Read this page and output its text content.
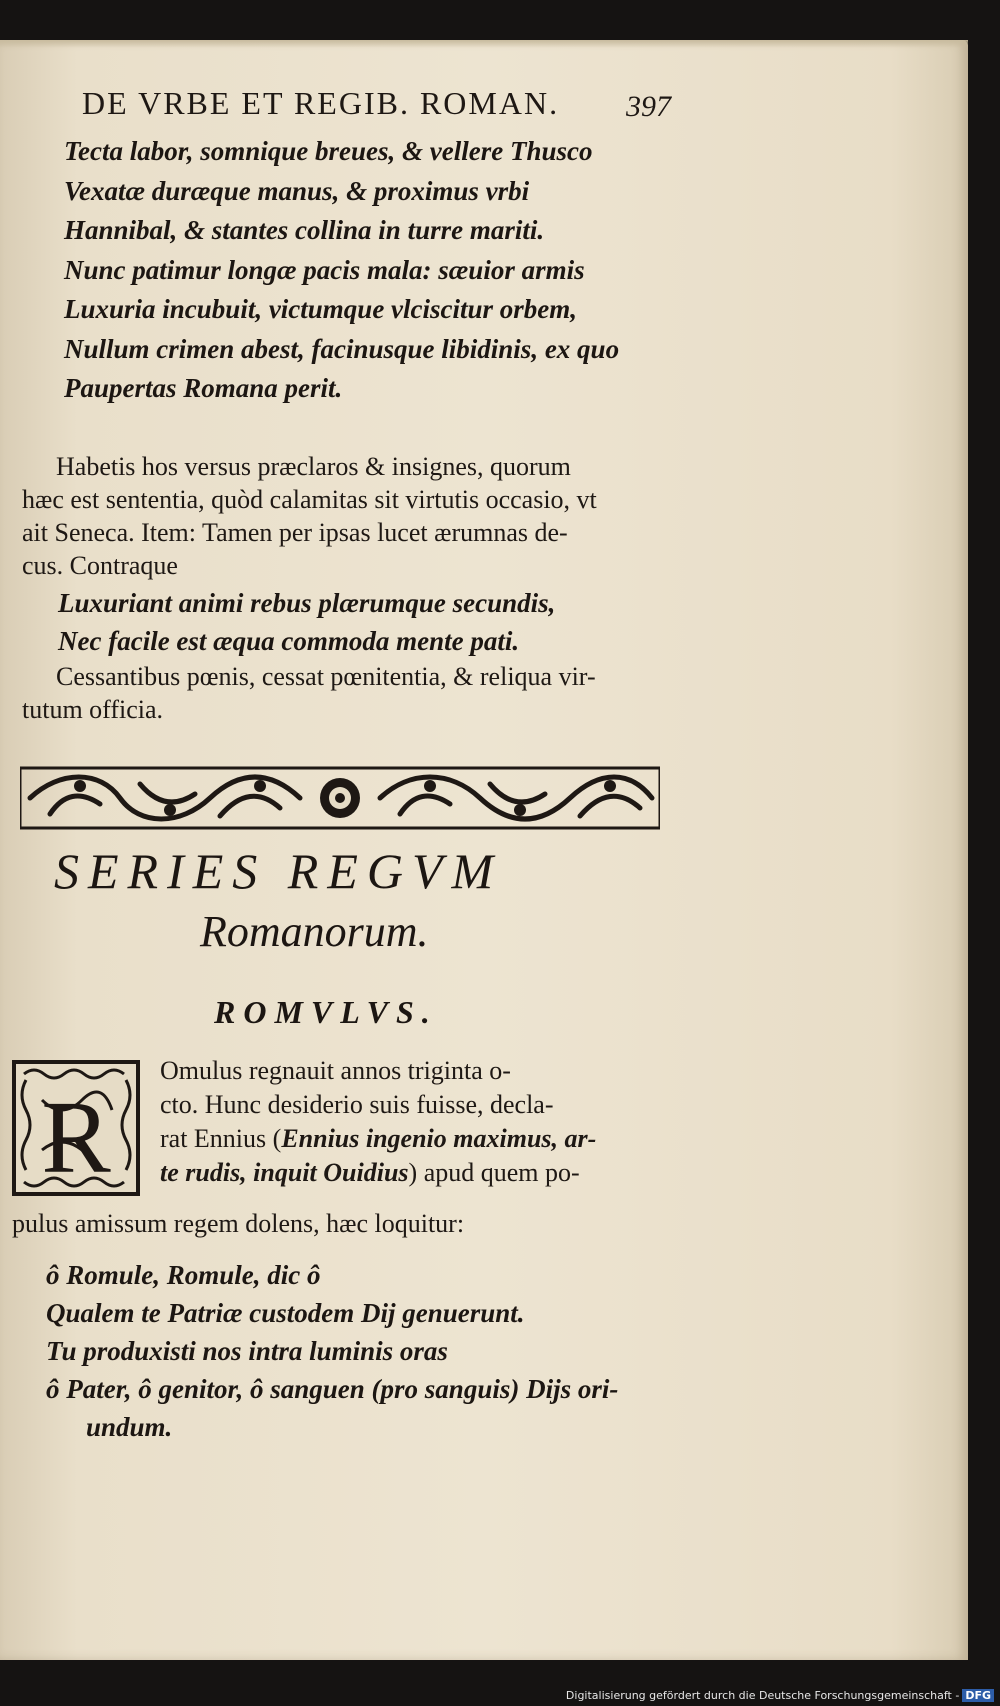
DE VRBE ET REGIB. ROMAN. 397
Tecta labor, somnique breues, & vellere Thusco
Vexatæ duræque manus, & proximus vrbi
Hannibal, & stantes collina in turre mariti.
Nunc patimur longæ pacis mala: sæuior armis
Luxuria incubuit, victumque vlciscitur orbem,
Nullum crimen abest, facinusque libidinis, ex quo
Paupertas Romana perit.
Habetis hos versus præclaros & insignes, quorum
hæc est sententia, quòd calamitas sit virtutis occasio, vt
ait Seneca. Item: Tamen per ipsas lucet ærumnas de-
cus. Contraque
Luxuriant animi rebus plærumque secundis,
Nec facile est æqua commoda mente pati.
Cessantibus pœnis, cessat pœnitentia, & reliqua vir-
tutum officia.
SERIES REGVM
Romanorum.
ROMVLVS.
R
Omulus regnauit annos triginta o-
cto. Hunc desiderio suis fuisse, decla-
rat Ennius (Ennius ingenio maximus, ar-
te rudis, inquit Ouidius) apud quem po-
pulus amissum regem dolens, hæc loquitur:
ô Romule, Romule, dic ô
Qualem te Patriæ custodem Dij genuerunt.
Tu produxisti nos intra luminis oras
ô Pater, ô genitor, ô sanguen (pro sanguis) Dijs ori-
undum.
Digitalisierung gefördert durch die Deutsche Forschungsgemeinschaft - DFG
